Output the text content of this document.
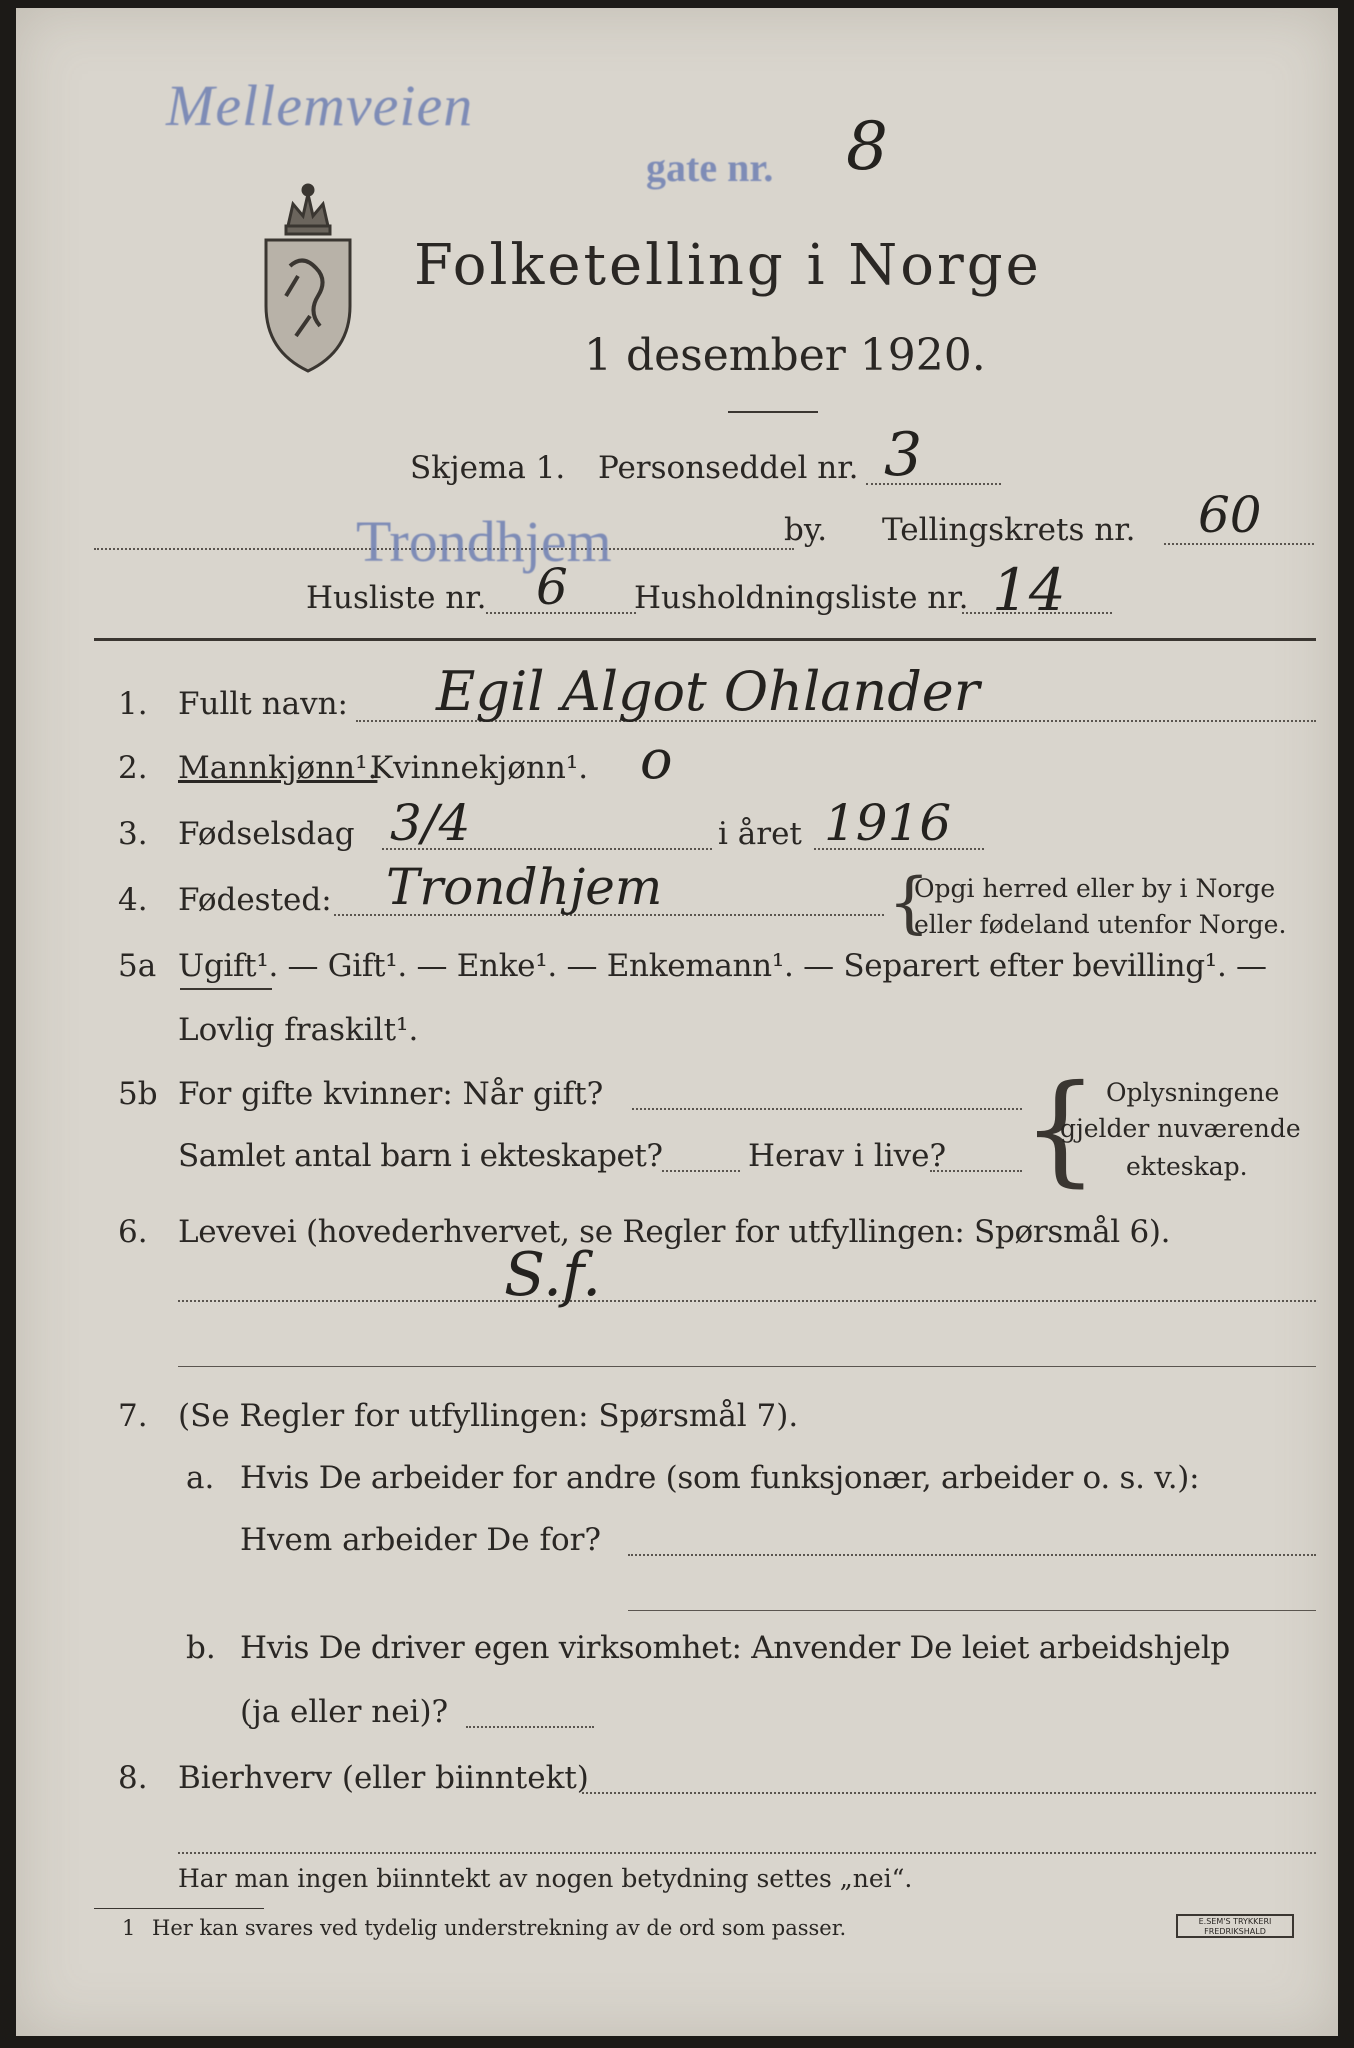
Mellemveien
gate nr. 8
Folketelling i Norge
1 desember 1920.
Skjema 1. Personseddel nr. 3
Trondhjem	by. Tellingskrets nr. 60
Husliste nr. 6 Husholdningsliste nr. 14
1. Fullt navn: Egil Algot Ohlander
2. Mannkjønn¹.
Kvinnekjønn¹. o
3. Fødselsdag 3/4	i året 1916
4. Fødested: Trondhjem	{
Opgi herred eller by i Norge
eller fødeland utenfor Norge.
5a Ugift¹. — Gift¹. — Enke¹. — Enkemann¹. — Separert efter bevilling¹. —
Lovlig fraskilt¹.
5b For gifte kvinner: Når gift?
Samlet antal barn i ekteskapet?	Herav i live? { Oplysningene
gjelder nuværende
ekteskap.
6. Levevei (hovederhvervet, se Regler for utfyllingen: Spørsmål 6).
S.f.
7. (Se Regler for utfyllingen: Spørsmål 7).
a. Hvis De arbeider for andre (som funksjonær, arbeider o. s. v.):
Hvem arbeider De for?
b. Hvis De driver egen virksomhet: Anvender De leiet arbeidshjelp
(ja eller nei)?
8. Bierhverv (eller biinntekt)
Har man ingen biinntekt av nogen betydning settes „nei“.
1 Her kan svares ved tydelig understrekning av de ord som passer.	E.SEM'S TRYKKERI FREDRIKSHALD
